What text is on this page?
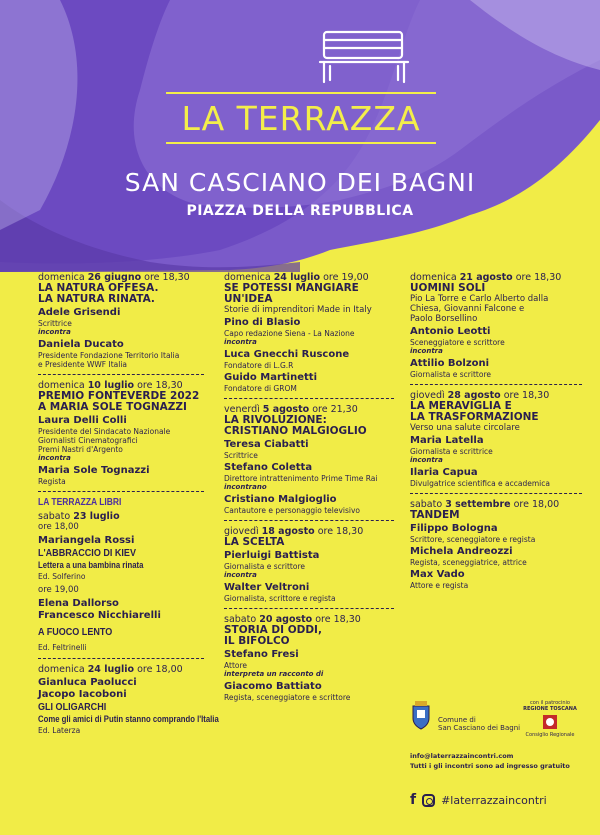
LA TERRAZZA
SAN CASCIANO DEI BAGNI
PIAZZA DELLA REPUBBLICA
domenica 26 giugno ore 18,30
LA NATURA OFFESA.
LA NATURA RINATA.
Adele Grisendi
Scrittrice
incontra
Daniela Ducato
Presidente Fondazione Territorio Italia
e Presidente WWF Italia
domenica 10 luglio ore 18,30
PREMIO FONTEVERDE 2022
A MARIA SOLE TOGNAZZI
Laura Delli Colli
Presidente del Sindacato Nazionale
Giornalisti Cinematografici
Premi Nastri d'Argento
incontra
Maria Sole Tognazzi
Regista
LA TERRAZZA LIBRI
sabato 23 luglio
ore 18,00
Mariangela Rossi
L'ABBRACCIO DI KIEV
Lettera a una bambina rinata
Ed. Solferino
ore 19,00
Elena Dallorso
Francesco Nicchiarelli
A FUOCO LENTO
Ed. Feltrinelli
domenica 24 luglio ore 18,00
Gianluca Paolucci
Jacopo Iacoboni
GLI OLIGARCHI
Come gli amici di Putin stanno comprando l'Italia
Ed. Laterza
domenica 24 luglio ore 19,00
SE POTESSI MANGIARE
UN'IDEA
Storie di imprenditori Made in Italy
Pino di Blasio
Capo redazione Siena - La Nazione
incontra
Luca Gnecchi Ruscone
Fondatore di L.G.R
Guido Martinetti
Fondatore di GROM
venerdì 5 agosto ore 21,30
LA RIVOLUZIONE:
CRISTIANO MALGIOGLIO
Teresa Ciabatti
Scrittrice
Stefano Coletta
Direttore intrattenimento Prime Time Rai
incontrano
Cristiano Malgioglio
Cantautore e personaggio televisivo
giovedì 18 agosto ore 18,30
LA SCELTA
Pierluigi Battista
Giornalista e scrittore
incontra
Walter Veltroni
Giornalista, scrittore e regista
sabato 20 agosto ore 18,30
STORIA DI ODDI,
IL BIFOLCO
Stefano Fresi
Attore
interpreta un racconto di
Giacomo Battiato
Regista, sceneggiatore e scrittore
domenica 21 agosto ore 18,30
UOMINI SOLI
Pio La Torre e Carlo Alberto dalla
Chiesa, Giovanni Falcone e
Paolo Borsellino
Antonio Leotti
Sceneggiatore e scrittore
incontra
Attilio Bolzoni
Giornalista e scrittore
giovedì 28 agosto ore 18,30
LA MERAVIGLIA E
LA TRASFORMAZIONE
Verso una salute circolare
Maria Latella
Giornalista e scrittrice
incontra
Ilaria Capua
Divulgatrice scientifica e accademica
sabato 3 settembre ore 18,00
TANDEM
Filippo Bologna
Scrittore, sceneggiatore e regista
Michela Andreozzi
Regista, sceneggiatrice, attrice
Max Vado
Attore e regista
Comune di
San Casciano dei Bagni
con il patrocinio
REGIONE TOSCANA
Consiglio Regionale
info@laterrazzaincontri.com
Tutti i gli incontri sono ad ingresso gratuito
f #laterrazzaincontri
